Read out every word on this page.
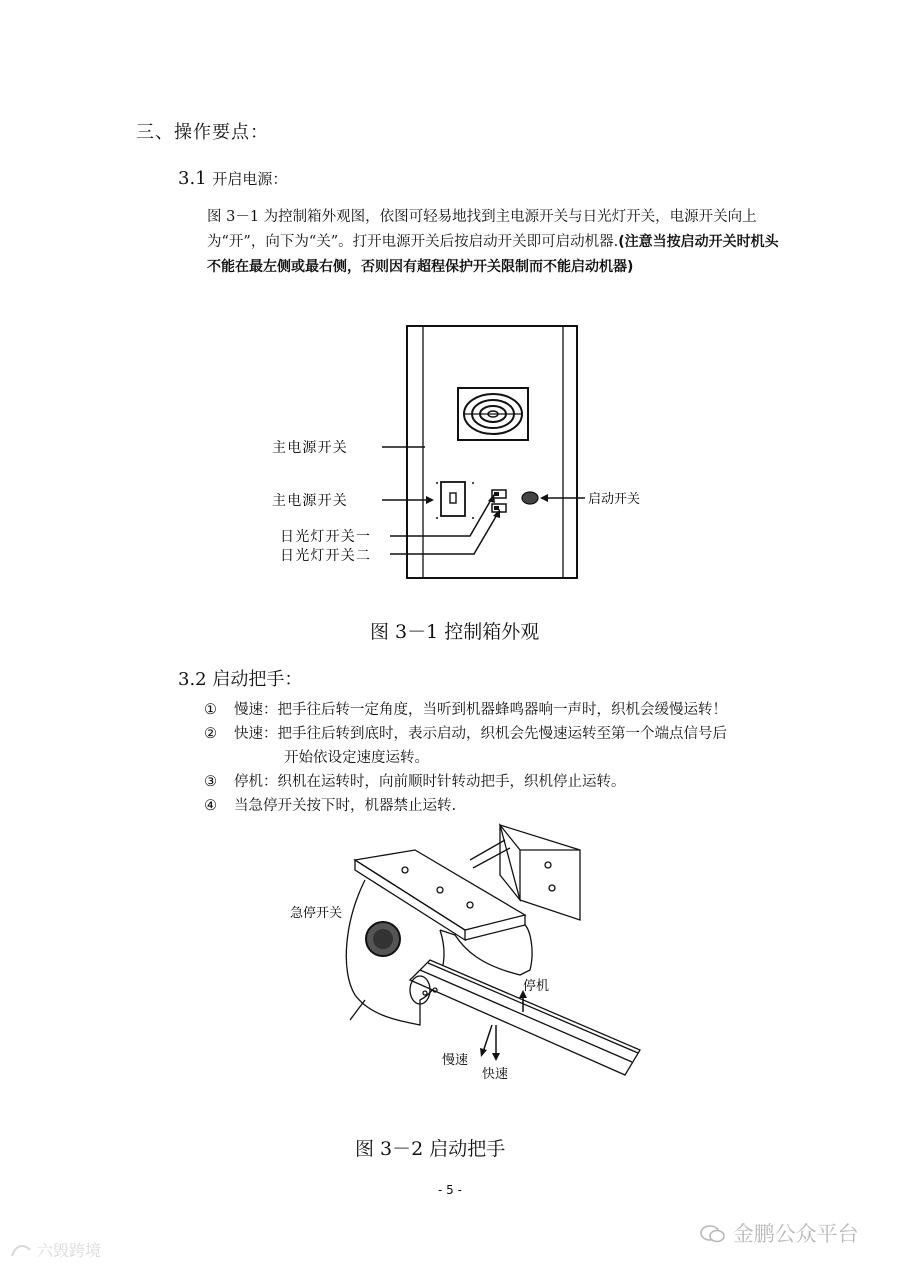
三、操作要点：
3.1 开启电源：
图 3－1 为控制箱外观图，依图可轻易地找到主电源开关与日光灯开关，电源开关向上为“开”，向下为“关”。打开电源开关后按启动开关即可启动机器.(注意当按启动开关时机头不能在最左侧或最右侧，否则因有超程保护开关限制而不能启动机器)
主电源开关
主电源开关
日光灯开关一
日光灯开关二
启动开关
图 3－1 控制箱外观
3.2 启动把手：
① 慢速：把手往后转一定角度，当听到机器蜂鸣器响一声时，织机会缓慢运转！
② 快速：把手往后转到底时，表示启动，织机会先慢速运转至第一个端点信号后
开始依设定速度运转。
③ 停机：织机在运转时，向前顺时针转动把手，织机停止运转。
④ 当急停开关按下时，机器禁止运转.
急停开关
停机
慢速
快速
图 3－2 启动把手
- 5 -
金鹏公众平台
六毁跨境
